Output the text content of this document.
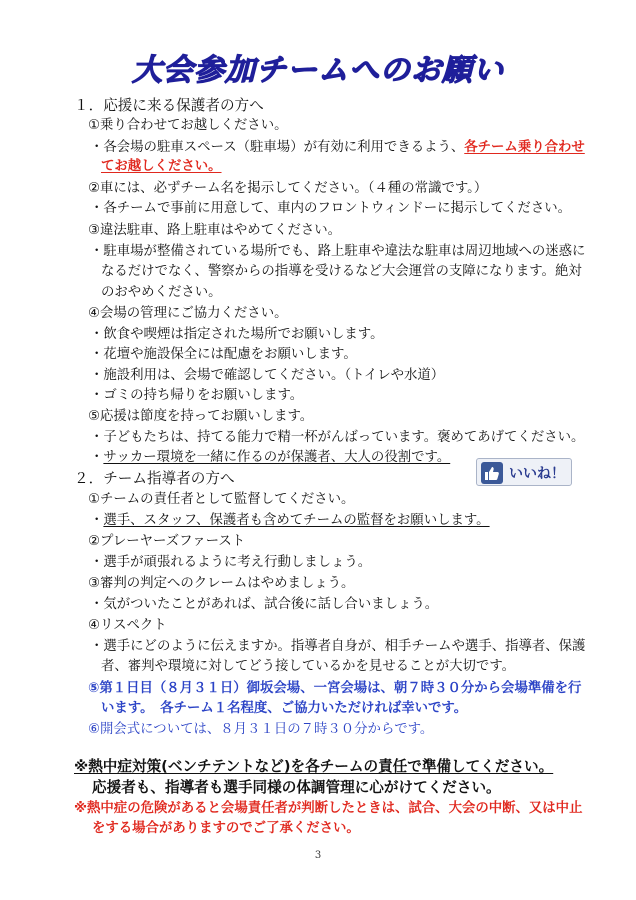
大会参加チームへのお願い
１．応援に来る保護者の方へ
①乗り合わせてお越しください。
・各会場の駐車スペース（駐車場）が有効に利用できるよう、各チーム乗り合わせ
てお越しください。
②車には、必ずチーム名を掲示してください。（４種の常識です。）
・各チームで事前に用意して、車内のフロントウィンドーに掲示してください。
③違法駐車、路上駐車はやめてください。
・駐車場が整備されている場所でも、路上駐車や違法な駐車は周辺地域への迷惑に
なるだけでなく、警察からの指導を受けるなど大会運営の支障になります。絶対
のおやめください。
④会場の管理にご協力ください。
・飲食や喫煙は指定された場所でお願いします。
・花壇や施設保全には配慮をお願いします。
・施設利用は、会場で確認してください。（トイレや水道）
・ゴミの持ち帰りをお願いします。
⑤応援は節度を持ってお願いします。
・子どもたちは、持てる能力で精一杯がんばっています。褒めてあげてください。
・サッカー環境を一緒に作るのが保護者、大人の役割です。
いいね！
２．チーム指導者の方へ
①チームの責任者として監督してください。
・選手、スタッフ、保護者も含めてチームの監督をお願いします。
②プレーヤーズファースト
・選手が頑張れるように考え行動しましょう。
③審判の判定へのクレームはやめましょう。
・気がついたことがあれば、試合後に話し合いましょう。
④リスペクト
・選手にどのように伝えますか。指導者自身が、相手チームや選手、指導者、保護
者、審判や環境に対してどう接しているかを見せることが大切です。
⑤第１日目（８月３１日）御坂会場、一宮会場は、朝７時３０分から会場準備を行
います。　各チーム１名程度、ご協力いただければ幸いです。
⑥開会式については、８月３１日の７時３０分からです。
※熱中症対策(ベンチテントなど)を各チームの責任で準備してください。
応援者も、指導者も選手同様の体調管理に心がけてください。
※熱中症の危険があると会場責任者が判断したときは、試合、大会の中断、又は中止
をする場合がありますのでご了承ください。
3
